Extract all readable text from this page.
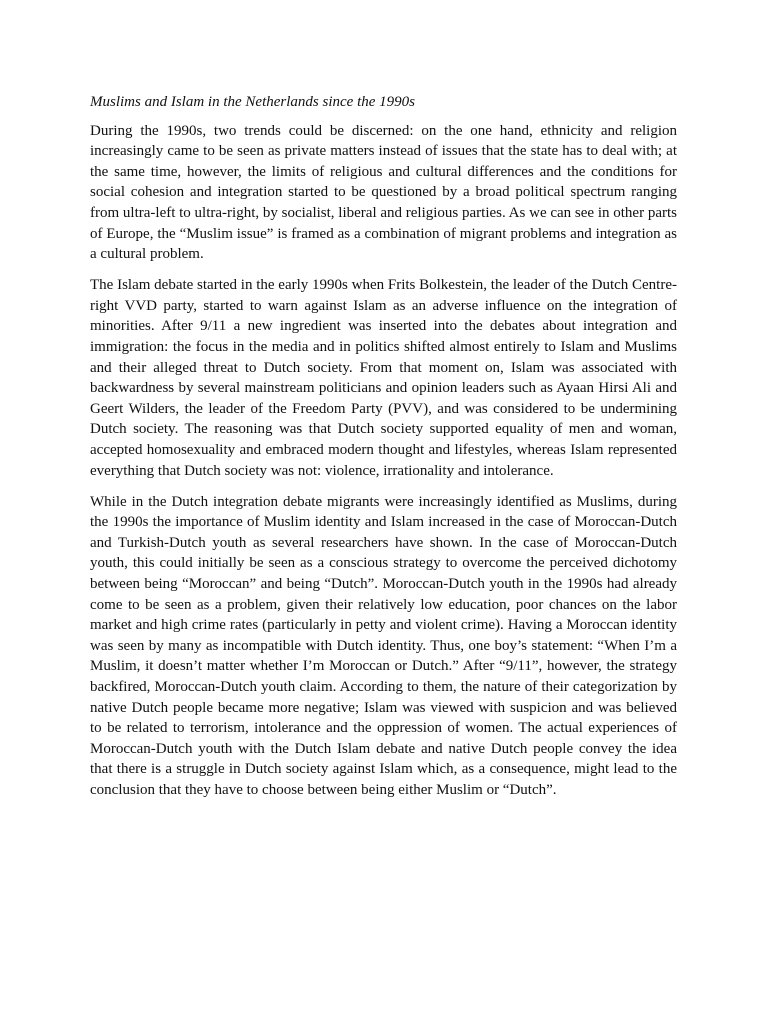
Muslims and Islam in the Netherlands since the 1990s

During the 1990s, two trends could be discerned: on the one hand, ethnicity and religion increasingly came to be seen as private matters instead of issues that the state has to deal with; at the same time, however, the limits of religious and cultural differences and the conditions for social cohesion and integration started to be questioned by a broad political spectrum ranging from ultra-left to ultra-right, by socialist, liberal and religious parties. As we can see in other parts of Europe, the “Muslim issue” is framed as a combination of migrant problems and integration as a cultural problem.

The Islam debate started in the early 1990s when Frits Bolkestein, the leader of the Dutch Centre-right VVD party, started to warn against Islam as an adverse influence on the integration of minorities. After 9/11 a new ingredient was inserted into the debates about integration and immigration: the focus in the media and in politics shifted almost entirely to Islam and Muslims and their alleged threat to Dutch society. From that moment on, Islam was associated with backwardness by several mainstream politicians and opinion leaders such as Ayaan Hirsi Ali and Geert Wilders, the leader of the Freedom Party (PVV), and was considered to be undermining Dutch society. The reasoning was that Dutch society supported equality of men and woman, accepted homosexuality and embraced modern thought and lifestyles, whereas Islam represented everything that Dutch society was not: violence, irrationality and intolerance.

While in the Dutch integration debate migrants were increasingly identified as Muslims, during the 1990s the importance of Muslim identity and Islam increased in the case of Moroccan-Dutch and Turkish-Dutch youth as several researchers have shown. In the case of Moroccan-Dutch youth, this could initially be seen as a conscious strategy to overcome the perceived dichotomy between being “Moroccan” and being “Dutch”. Moroccan-Dutch youth in the 1990s had already come to be seen as a problem, given their relatively low education, poor chances on the labor market and high crime rates (particularly in petty and violent crime). Having a Moroccan identity was seen by many as incompatible with Dutch identity. Thus, one boy’s statement: “When I’m a Muslim, it doesn’t matter whether I’m Moroccan or Dutch.” After “9/11”, however, the strategy backfired, Moroccan-Dutch youth claim. According to them, the nature of their categorization by native Dutch people became more negative; Islam was viewed with suspicion and was believed to be related to terrorism, intolerance and the oppression of women. The actual experiences of Moroccan-Dutch youth with the Dutch Islam debate and native Dutch people convey the idea that there is a struggle in Dutch society against Islam which, as a consequence, might lead to the conclusion that they have to choose between being either Muslim or “Dutch”.
